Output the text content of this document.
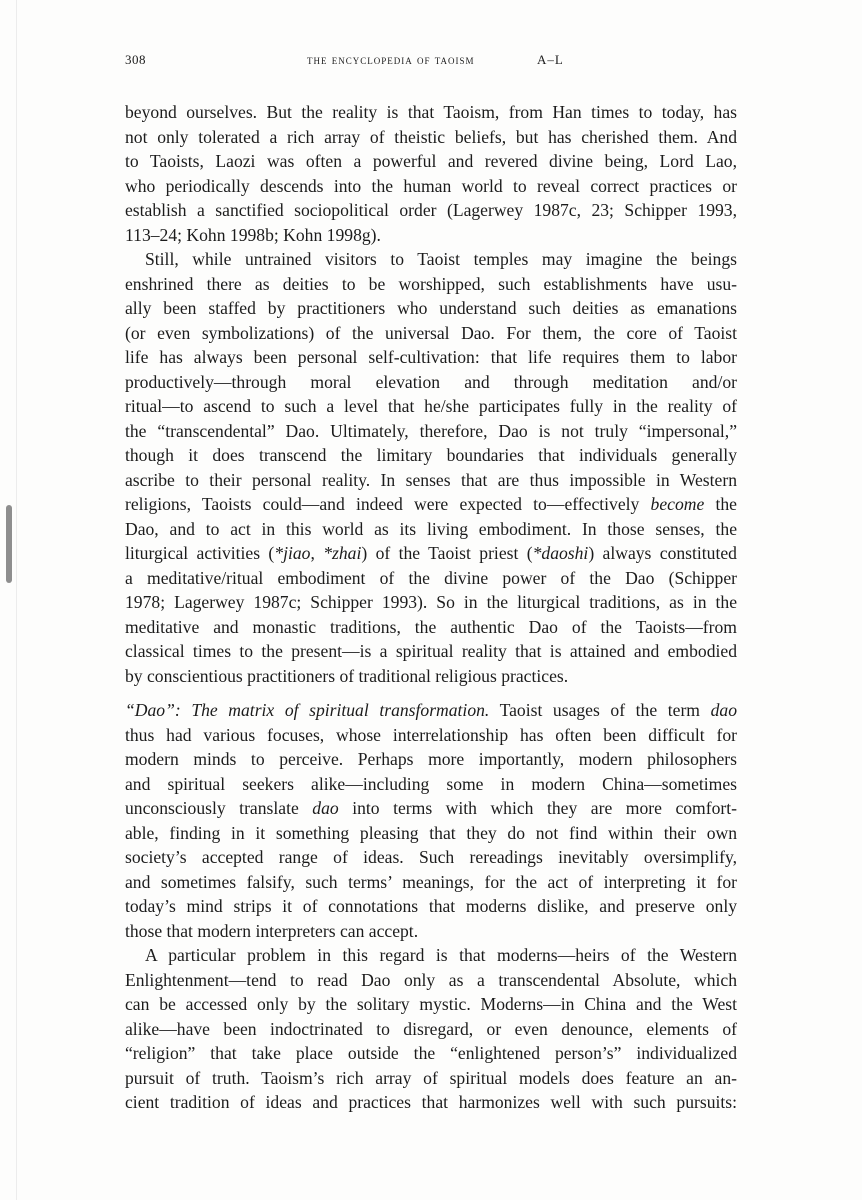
308	the encyclopedia of taoism	A–L
beyond ourselves. But the reality is that Taoism, from Han times to today, has
not only tolerated a rich array of theistic beliefs, but has cherished them. And
to Taoists, Laozi was often a powerful and revered divine being, Lord Lao,
who periodically descends into the human world to reveal correct practices or
establish a sanctified sociopolitical order (Lagerwey 1987c, 23; Schipper 1993,
113–24; Kohn 1998b; Kohn 1998g).
Still, while untrained visitors to Taoist temples may imagine the beings
enshrined there as deities to be worshipped, such establishments have usu-
ally been staffed by practitioners who understand such deities as emanations
(or even symbolizations) of the universal Dao. For them, the core of Taoist
life has always been personal self-cultivation: that life requires them to labor
productively—through moral elevation and through meditation and/or
ritual—to ascend to such a level that he/she participates fully in the reality of
the “transcendental” Dao. Ultimately, therefore, Dao is not truly “impersonal,”
though it does transcend the limitary boundaries that individuals generally
ascribe to their personal reality. In senses that are thus impossible in Western
religions, Taoists could—and indeed were expected to—effectively become the
Dao, and to act in this world as its living embodiment. In those senses, the
liturgical activities (*jiao, *zhai) of the Taoist priest (*daoshi) always constituted
a meditative/ritual embodiment of the divine power of the Dao (Schipper
1978; Lagerwey 1987c; Schipper 1993). So in the liturgical traditions, as in the
meditative and monastic traditions, the authentic Dao of the Taoists—from
classical times to the present—is a spiritual reality that is attained and embodied
by conscientious practitioners of traditional religious practices.
“Dao”: The matrix of spiritual transformation. Taoist usages of the term dao
thus had various focuses, whose interrelationship has often been difficult for
modern minds to perceive. Perhaps more importantly, modern philosophers
and spiritual seekers alike—including some in modern China—sometimes
unconsciously translate dao into terms with which they are more comfort-
able, finding in it something pleasing that they do not find within their own
society’s accepted range of ideas. Such rereadings inevitably oversimplify,
and sometimes falsify, such terms’ meanings, for the act of interpreting it for
today’s mind strips it of connotations that moderns dislike, and preserve only
those that modern interpreters can accept.
A particular problem in this regard is that moderns—heirs of the Western
Enlightenment—tend to read Dao only as a transcendental Absolute, which
can be accessed only by the solitary mystic. Moderns—in China and the West
alike—have been indoctrinated to disregard, or even denounce, elements of
“religion” that take place outside the “enlightened person’s” individualized
pursuit of truth. Taoism’s rich array of spiritual models does feature an an-
cient tradition of ideas and practices that harmonizes well with such pursuits:
